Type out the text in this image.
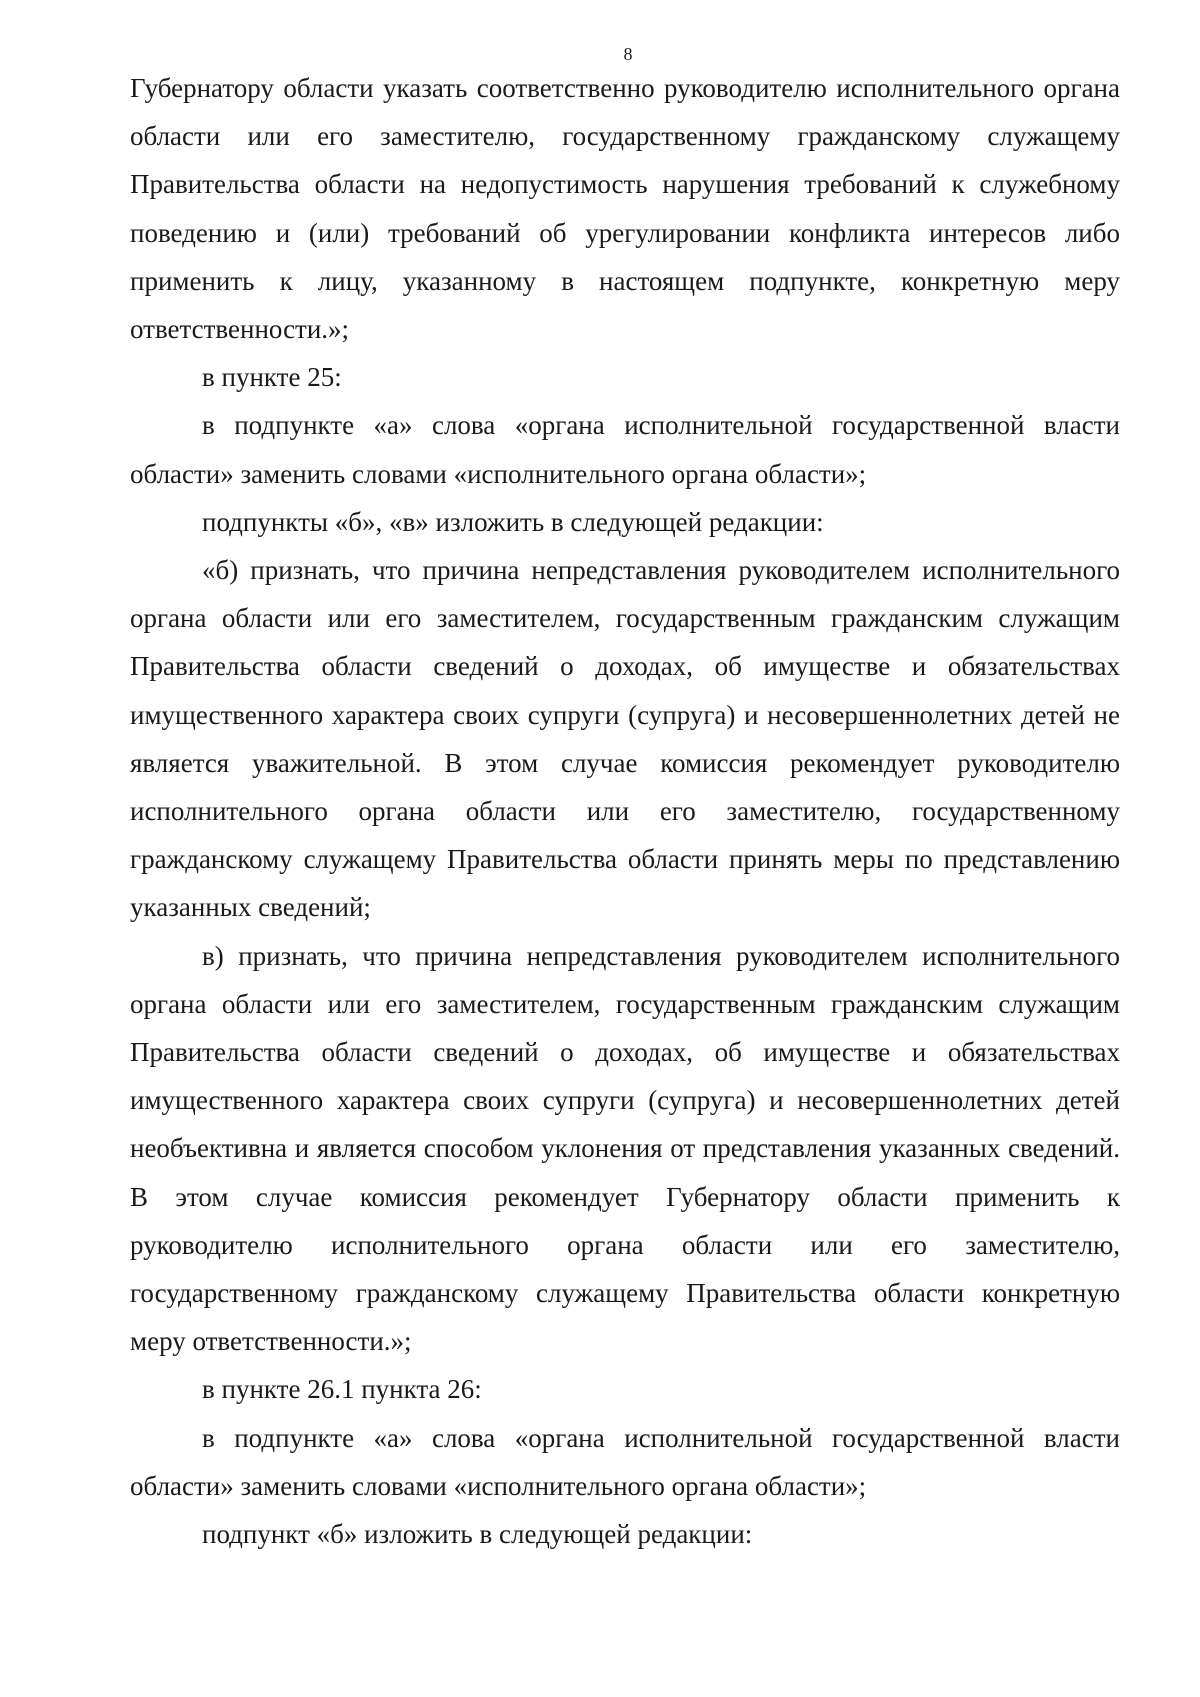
8

Губернатору области указать соответственно руководителю исполнительного органа области или его заместителю, государственному гражданскому служащему Правительства области на недопустимость нарушения требований к служебному поведению и (или) требований об урегулировании конфликта интересов либо применить к лицу, указанному в настоящем подпункте, конкретную меру ответственности.»;

в пункте 25:

в подпункте «а» слова «органа исполнительной государственной власти области» заменить словами «исполнительного органа области»;

подпункты «б», «в» изложить в следующей редакции:

«б) признать, что причина непредставления руководителем исполнительного органа области или его заместителем, государственным гражданским служащим Правительства области сведений о доходах, об имуществе и обязательствах имущественного характера своих супруги (супруга) и несовершеннолетних детей не является уважительной. В этом случае комиссия рекомендует руководителю исполнительного органа области или его заместителю, государственному гражданскому служащему Правительства области принять меры по представлению указанных сведений;

в) признать, что причина непредставления руководителем исполнительного органа области или его заместителем, государственным гражданским служащим Правительства области сведений о доходах, об имуществе и обязательствах имущественного характера своих супруги (супруга) и несовершеннолетних детей необъективна и является способом уклонения от представления указанных сведений. В этом случае комиссия рекомендует Губернатору области применить к руководителю исполнительного органа области или его заместителю, государственному гражданскому служащему Правительства области конкретную меру ответственности.»;

в пункте 26.1 пункта 26:

в подпункте «а» слова «органа исполнительной государственной власти области» заменить словами «исполнительного органа области»;

подпункт «б» изложить в следующей редакции:
